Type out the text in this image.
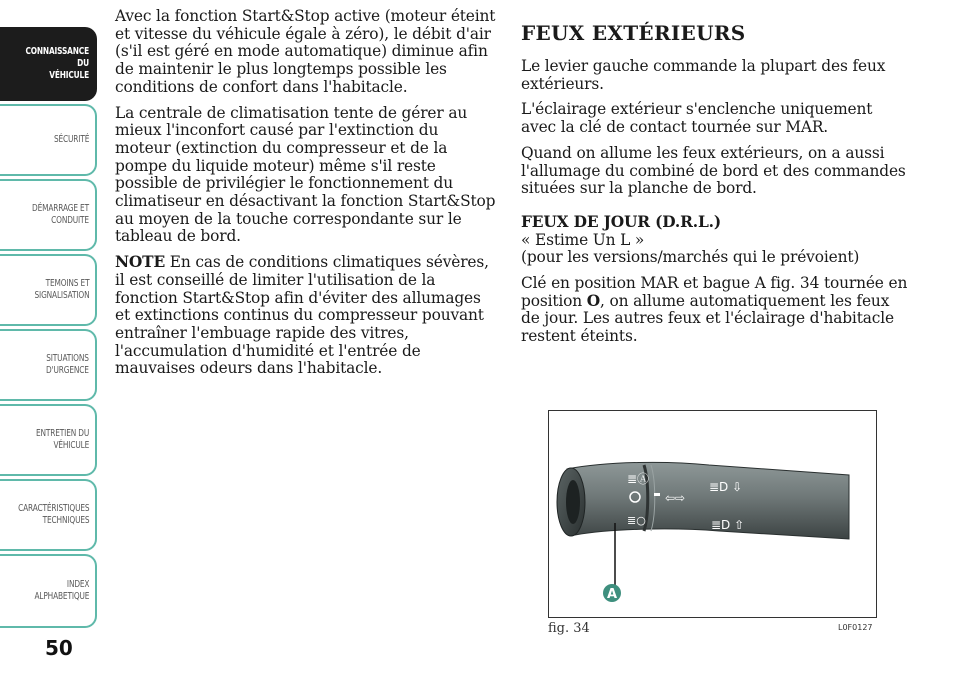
CONNAISSANCE DU
VÉHICULE
SÉCURITÉ
DÉMARRAGE ET
CONDUITE
TEMOINS ET
SIGNALISATION
SITUATIONS
D'URGENCE
ENTRETIEN DU
VÉHICULE
CARACTÉRISTIQUES
TECHNIQUES
INDEX
ALPHABETIQUE
50

Avec la fonction Start&Stop active (moteur éteint et vitesse du véhicule égale à zéro), le débit d'air (s'il est géré en mode automatique) diminue afin de maintenir le plus longtemps possible les conditions de confort dans l'habitacle.

La centrale de climatisation tente de gérer au mieux l'inconfort causé par l'extinction du moteur (extinction du compresseur et de la pompe du liquide moteur) même s'il reste possible de privilégier le fonctionnement du climatiseur en désactivant la fonction Start&Stop au moyen de la touche correspondante sur le tableau de bord.

NOTE En cas de conditions climatiques sévères, il est conseillé de limiter l'utilisation de la fonction Start&Stop afin d'éviter des allumages et extinctions continus du compresseur pouvant entraîner l'embuage rapide des vitres, l'accumulation d'humidité et l'entrée de mauvaises odeurs dans l'habitacle.

FEUX EXTÉRIEURS

Le levier gauche commande la plupart des feux extérieurs.

L'éclairage extérieur s'enclenche uniquement avec la clé de contact tournée sur MAR.

Quand on allume les feux extérieurs, on a aussi l'allumage du combiné de bord et des commandes situées sur la planche de bord.

FEUX DE JOUR (D.R.L.)
« Estime Un L »

(pour les versions/marchés qui le prévoient)

Clé en position MAR et bague A fig. 34 tournée en position O, on allume automatiquement les feux de jour. Les autres feux et l'éclairage d'habitacle restent éteints.

≣Ⓐ
≣○
⇦⇨
≣D ⇩
≣D ⇧
A
fig. 34	L0F0127
